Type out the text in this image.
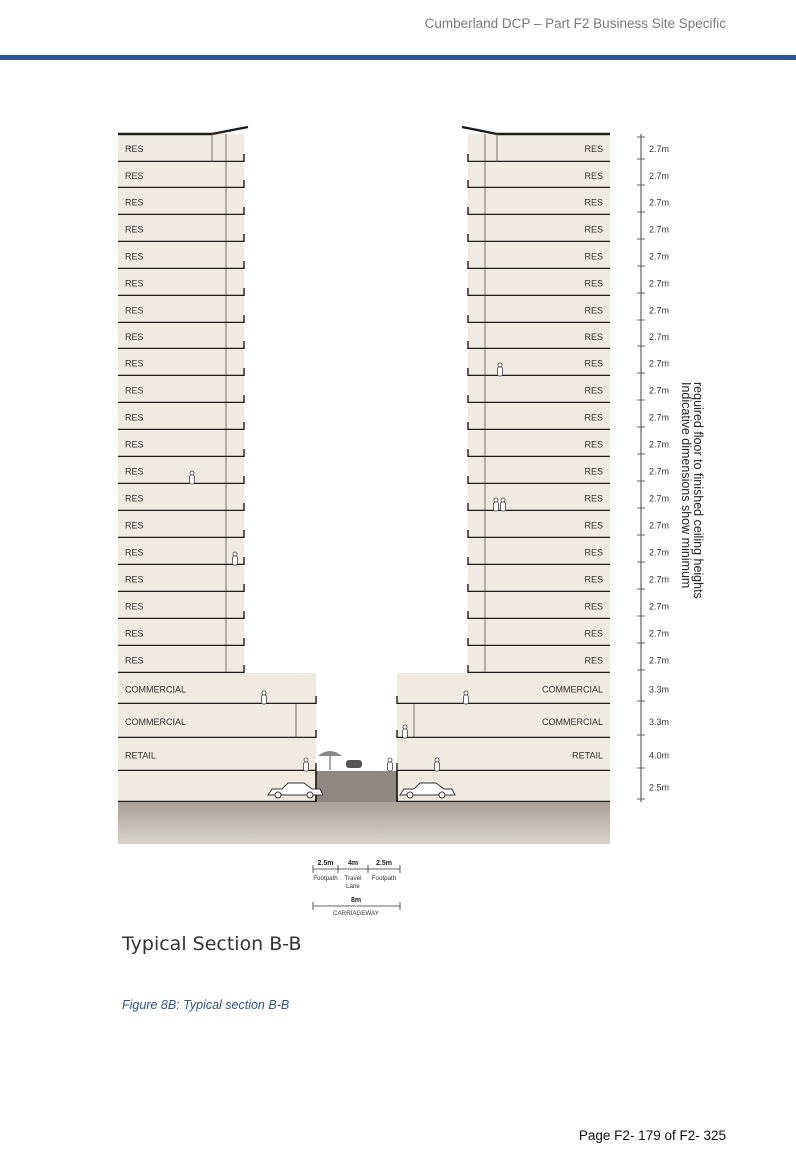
Cumberland DCP – Part F2 Business Site Specific
RES
RES
RES
RES
RES
RES
RES
RES
RES
RES
RES
RES
RES
RES
RES
RES
RES
RES
RES
RES
COMMERCIAL
COMMERCIAL
RETAIL
RES
RES
RES
RES
RES
RES
RES
RES
RES
RES
RES
RES
RES
RES
RES
RES
RES
RES
RES
RES
COMMERCIAL
COMMERCIAL
RETAIL
2.7m
2.7m
2.7m
2.7m
2.7m
2.7m
2.7m
2.7m
2.7m
2.7m
2.7m
2.7m
2.7m
2.7m
2.7m
2.7m
2.7m
2.7m
2.7m
2.7m
3.3m
3.3m
4.0m
2.5m
Indicative dimensions show minimum
required floor to finished ceiling heights
2.5m
Footpath
4m
Travel
Lane
2.5m
Footpath
8m
CARRIAGEWAY
Typical Section B-B
Figure 8B: Typical section B-B
Page F2- 179 of F2- 325
